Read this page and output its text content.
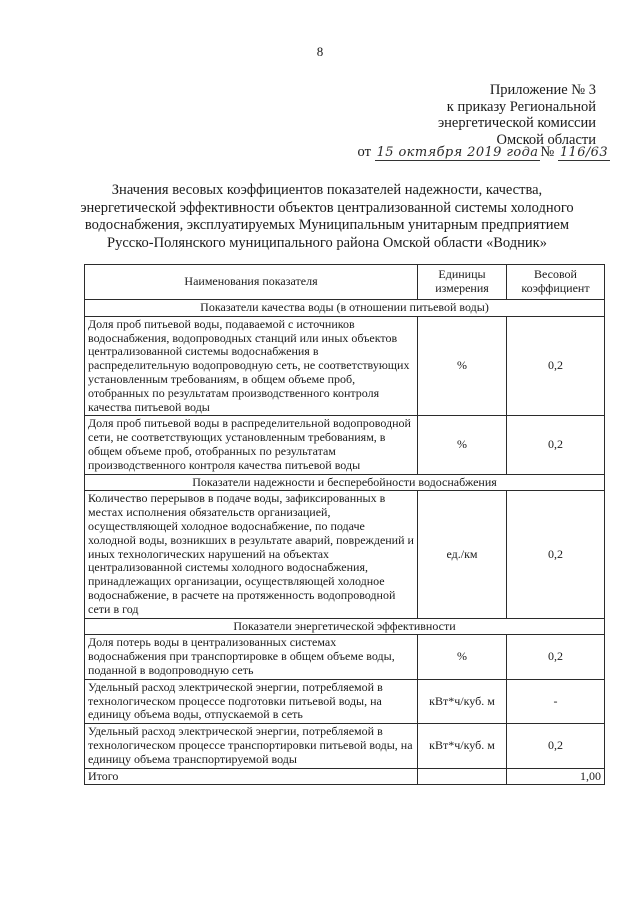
8
Приложение № 3
к приказу Региональной
энергетической комиссии
Омской области
от 15 октября 2019 года № 116/63
Значения весовых коэффициентов показателей надежности, качества,
энергетической эффективности объектов централизованной системы холодного
водоснабжения, эксплуатируемых Муниципальным унитарным предприятием
Русско-Полянского муниципального района Омской области «Водник»
Наименования показателя	Единицы измерения	Весовой коэффициент
Показатели качества воды (в отношении питьевой воды)		
Доля проб питьевой воды, подаваемой с источников водоснабжения, водопроводных станций или иных объектов централизованной системы водоснабжения в распределительную водопроводную сеть, не соответствующих установленным требованиям, в общем объеме проб, отобранных по результатам производственного контроля качества питьевой воды	%	0,2
Доля проб питьевой воды в распределительной водопроводной сети, не соответствующих установленным требованиям, в общем объеме проб, отобранных по результатам производственного контроля качества питьевой воды	%	0,2
Показатели надежности и бесперебойности водоснабжения		
Количество перерывов в подаче воды, зафиксированных в местах исполнения обязательств организацией, осуществляющей холодное водоснабжение, по подаче холодной воды, возникших в результате аварий, повреждений и иных технологических нарушений на объектах централизованной системы холодного водоснабжения, принадлежащих организации, осуществляющей холодное водоснабжение, в расчете на протяженность водопроводной сети в год	ед./км	0,2
Показатели энергетической эффективности		
Доля потерь воды в централизованных системах водоснабжения при транспортировке в общем объеме воды, поданной в водопроводную сеть	%	0,2
Удельный расход электрической энергии, потребляемой в технологическом процессе подготовки питьевой воды, на единицу объема воды, отпускаемой в сеть	кВт*ч/куб. м	-
Удельный расход электрической энергии, потребляемой в технологическом процессе транспортировки питьевой воды, на единицу объема транспортируемой воды	кВт*ч/куб. м	0,2
Итого		1,00
